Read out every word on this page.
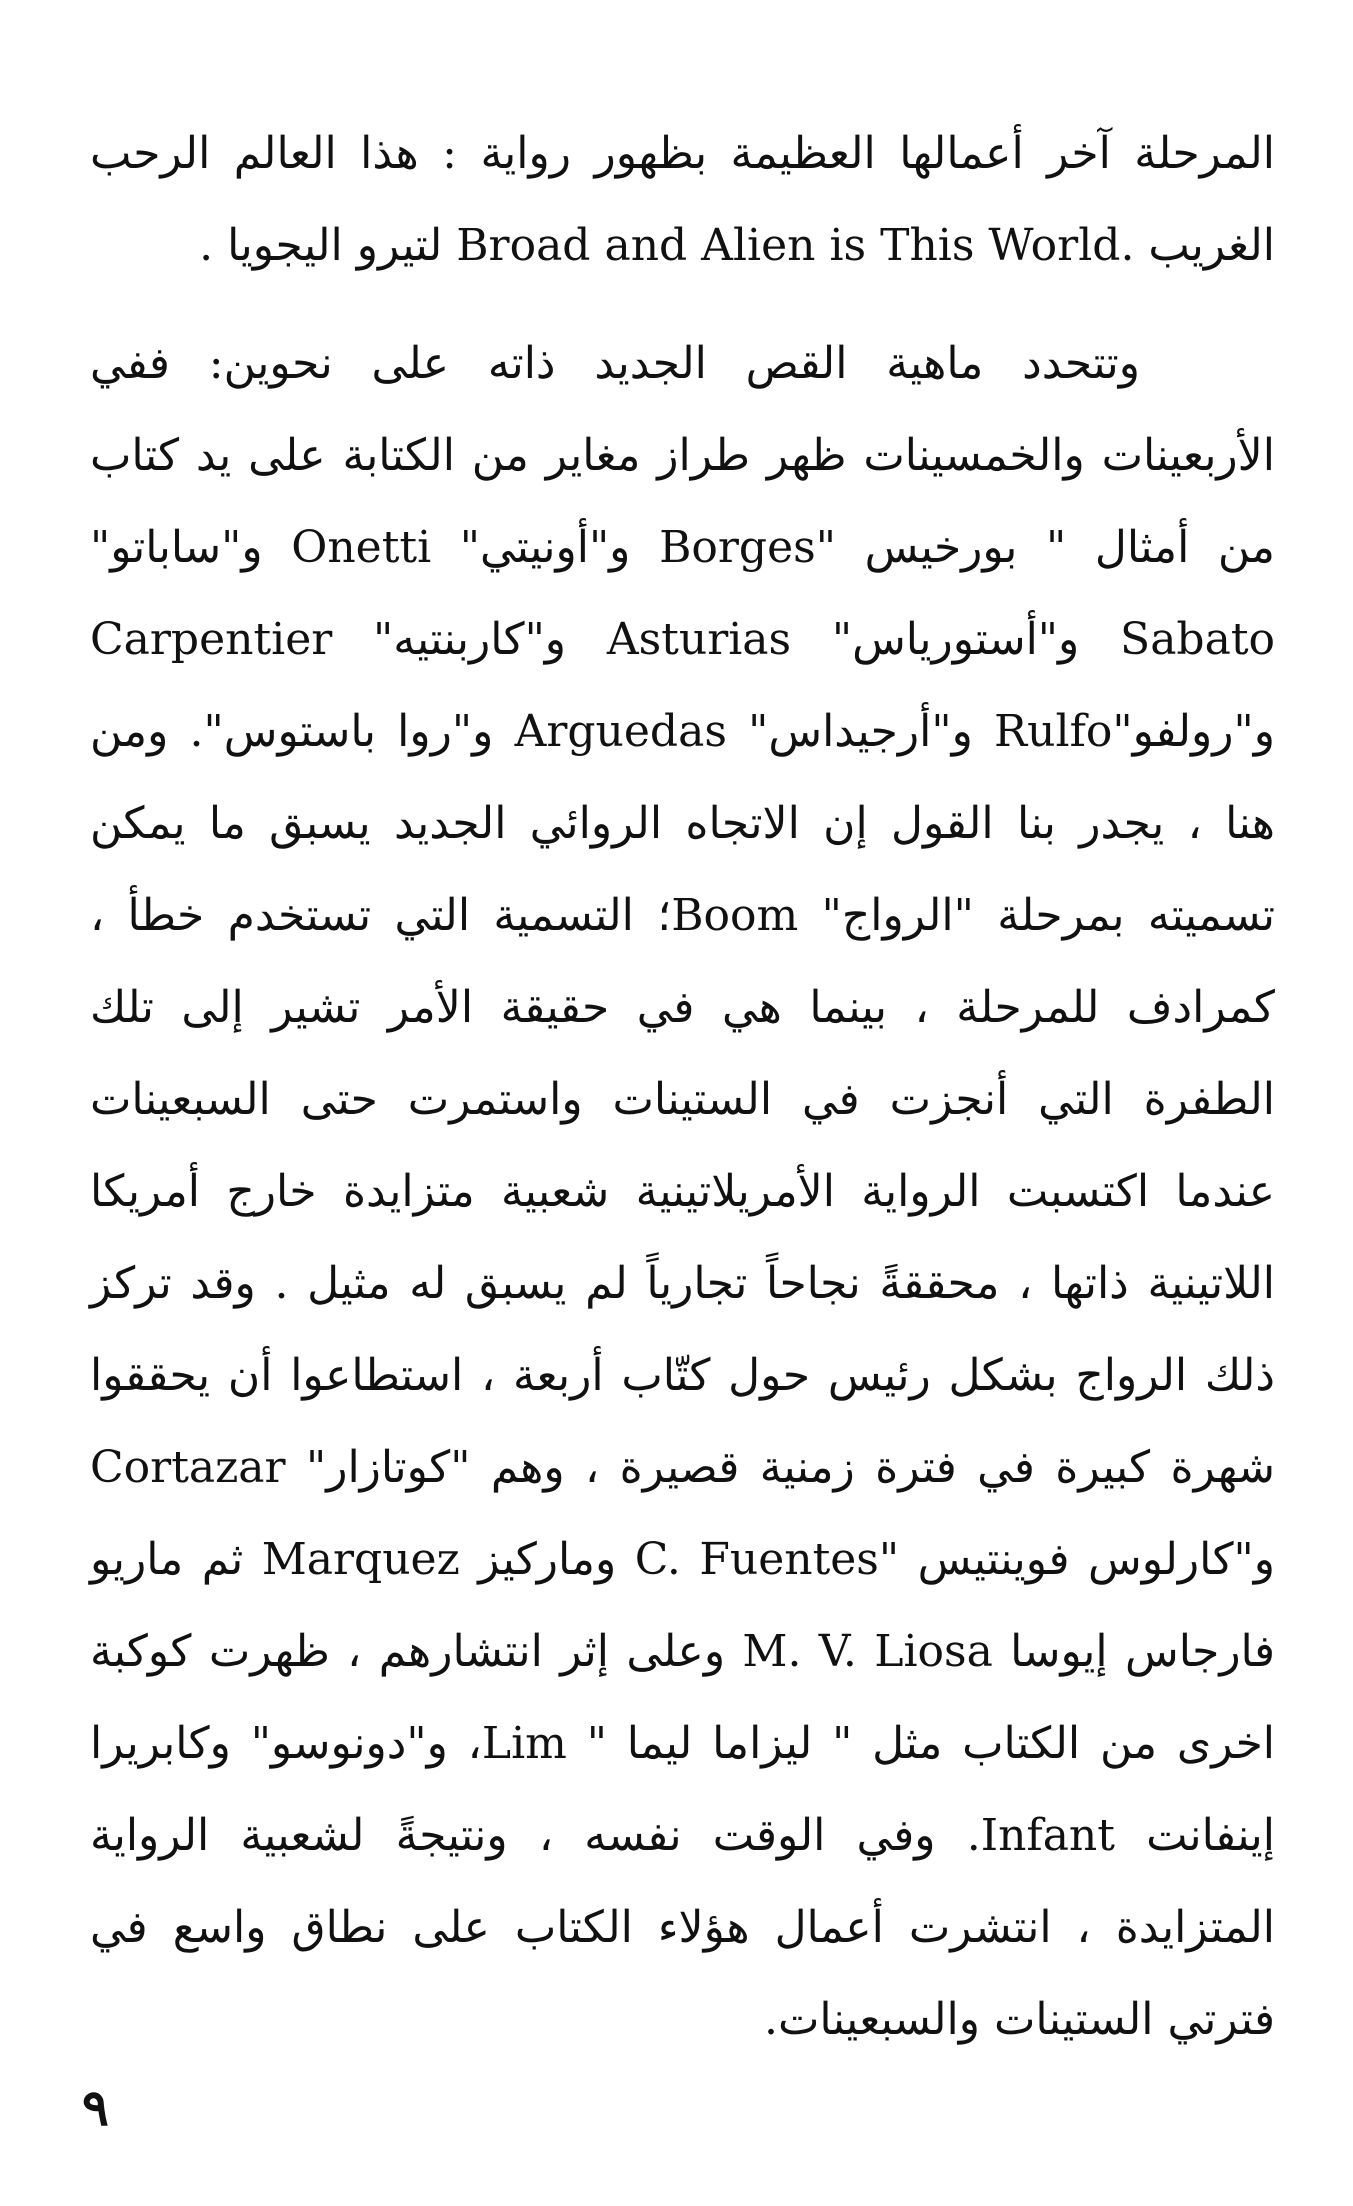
المرحلة آخر أعمالها العظيمة بظهور رواية : هذا العالم الرحب الغريب .Broad and Alien is This World لتيرو اليجويا .

وتتحدد ماهية القص الجديد ذاته على نحوين: ففي الأربعينات والخمسينات ظهر طراز مغاير من الكتابة على يد كتاب من أمثال " بورخيس "Borges و"أونيتي" Onetti و"ساباتو" Sabato و"أستورياس" Asturias و"كاربنتيه" Carpentier و"رولفو"Rulfo و"أرجيداس" Arguedas و"روا باستوس". ومن هنا ، يجدر بنا القول إن الاتجاه الروائي الجديد يسبق ما يمكن تسميته بمرحلة "الرواج" Boom؛ التسمية التي تستخدم خطأ ، كمرادف للمرحلة ، بينما هي في حقيقة الأمر تشير إلى تلك الطفرة التي أنجزت في الستينات واستمرت حتى السبعينات عندما اكتسبت الرواية الأمريلاتينية شعبية متزايدة خارج أمريكا اللاتينية ذاتها ، محققةً نجاحاً تجارياً لم يسبق له مثيل . وقد تركز ذلك الرواج بشكل رئيس حول كتّاب أربعة ، استطاعوا أن يحققوا شهرة كبيرة في فترة زمنية قصيرة ، وهم "كوتازار" Cortazar و"كارلوس فوينتيس "C. Fuentes وماركيز Marquez ثم ماريو فارجاس إيوسا M. V. Liosa وعلى إثر انتشارهم ، ظهرت كوكبة اخرى من الكتاب مثل " ليزاما ليما " Lim، و"دونوسو" وكابريرا إينفانت Infant. وفي الوقت نفسه ، ونتيجةً لشعبية الرواية المتزايدة ، انتشرت أعمال هؤلاء الكتاب على نطاق واسع في فترتي الستينات والسبعينات.

٩
